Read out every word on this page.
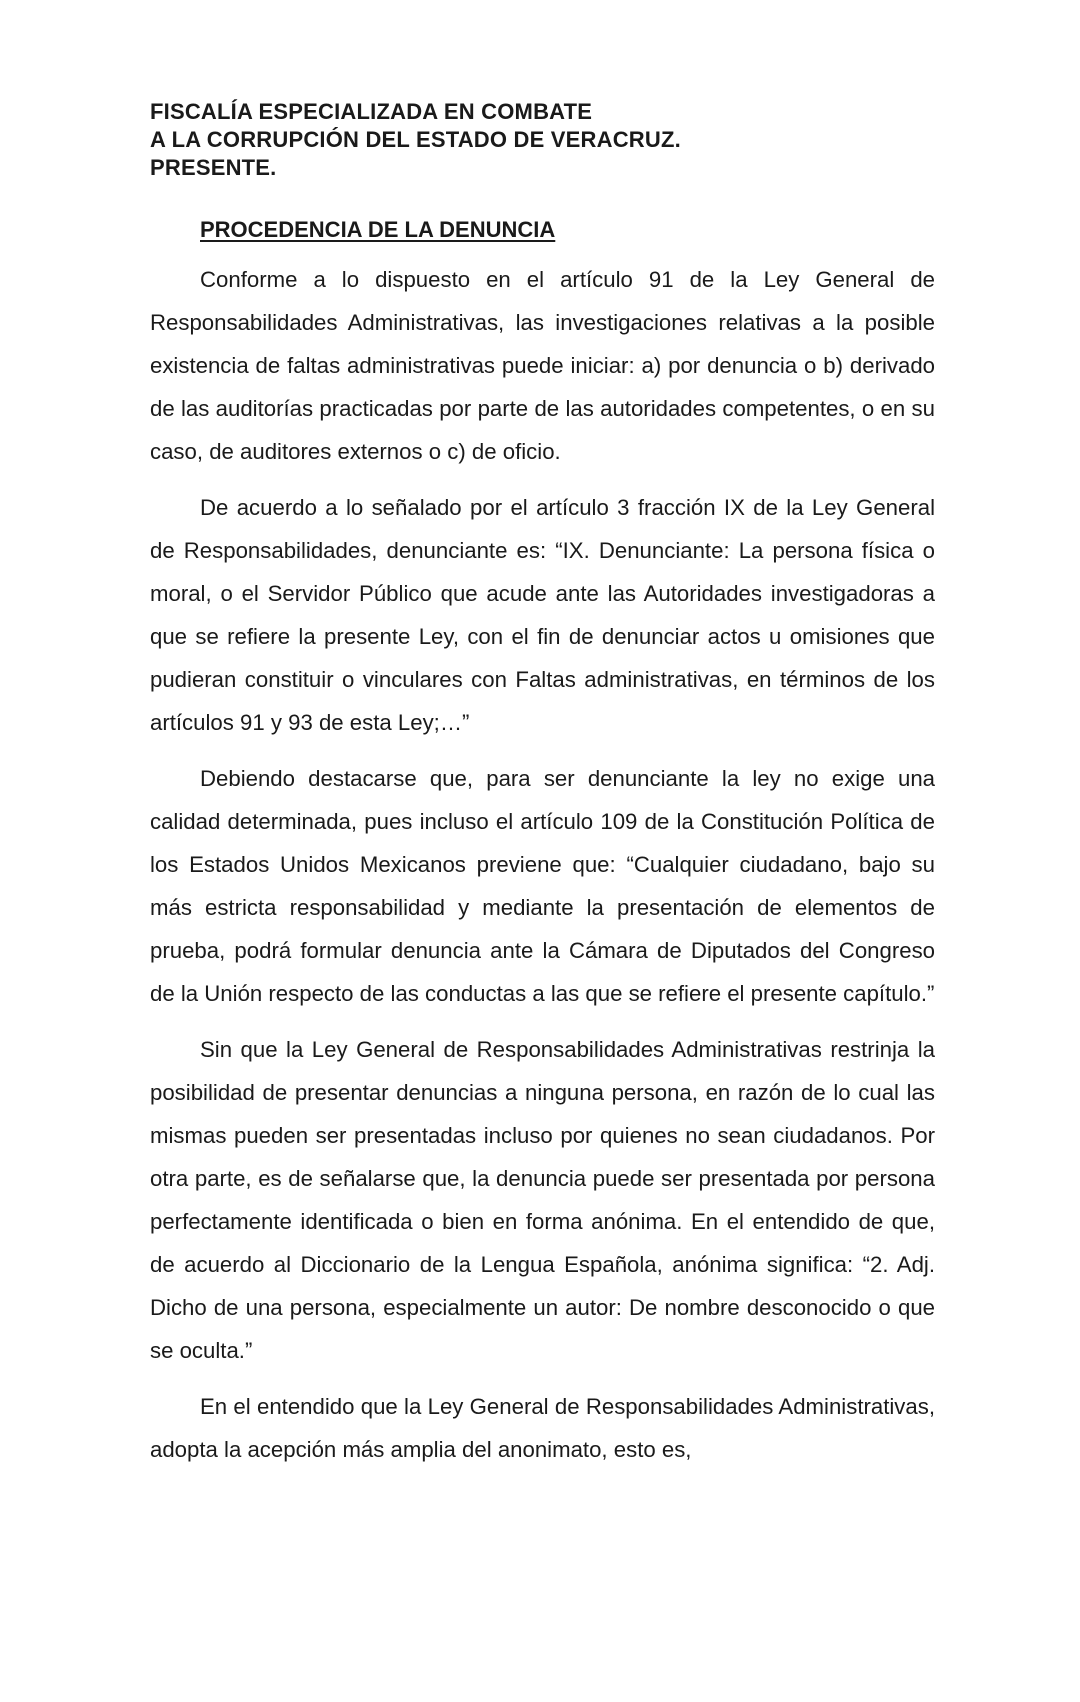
FISCALÍA ESPECIALIZADA EN COMBATE

A LA CORRUPCIÓN DEL ESTADO DE VERACRUZ.

PRESENTE.

PROCEDENCIA DE LA DENUNCIA

Conforme a lo dispuesto en el artículo 91 de la Ley General de Responsabilidades Administrativas, las investigaciones relativas a la posible existencia de faltas administrativas puede iniciar: a) por denuncia o b) derivado de las auditorías practicadas por parte de las autoridades competentes, o en su caso, de auditores externos o c) de oficio.

De acuerdo a lo señalado por el artículo 3 fracción IX de la Ley General de Responsabilidades, denunciante es: “IX. Denunciante: La persona física o moral, o el Servidor Público que acude ante las Autoridades investigadoras a que se refiere la presente Ley, con el fin de denunciar actos u omisiones que pudieran constituir o vinculares con Faltas administrativas, en términos de los artículos 91 y 93 de esta Ley;…”

Debiendo destacarse que, para ser denunciante la ley no exige una calidad determinada, pues incluso el artículo 109 de la Constitución Política de los Estados Unidos Mexicanos previene que: “Cualquier ciudadano, bajo su más estricta responsabilidad y mediante la presentación de elementos de prueba, podrá formular denuncia ante la Cámara de Diputados del Congreso de la Unión respecto de las conductas a las que se refiere el presente capítulo.”

Sin que la Ley General de Responsabilidades Administrativas restrinja la posibilidad de presentar denuncias a ninguna persona, en razón de lo cual las mismas pueden ser presentadas incluso por quienes no sean ciudadanos. Por otra parte, es de señalarse que, la denuncia puede ser presentada por persona perfectamente identificada o bien en forma anónima. En el entendido de que, de acuerdo al Diccionario de la Lengua Española, anónima significa: “2. Adj. Dicho de una persona, especialmente un autor: De nombre desconocido o que se oculta.”

En el entendido que la Ley General de Responsabilidades Administrativas, adopta la acepción más amplia del anonimato, esto es,
